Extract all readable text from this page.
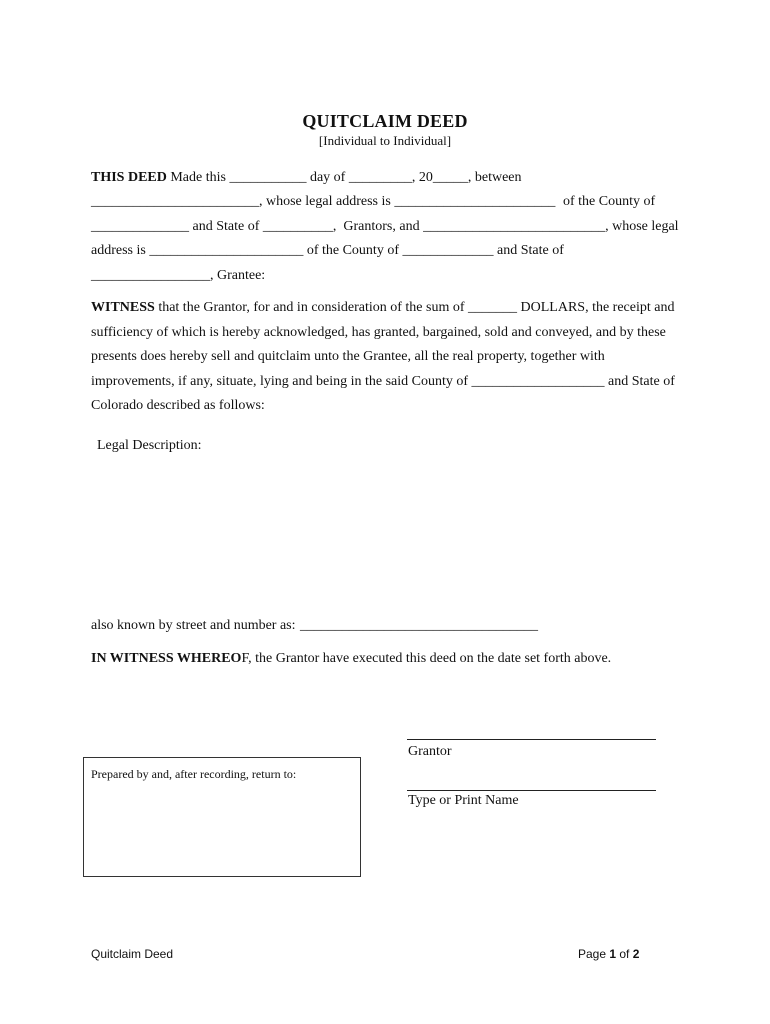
QUITCLAIM DEED
[Individual to Individual]
THIS DEED Made this ___________ day of _________, 20_____, between
________________________, whose legal address is _______________________ of the County of
______________ and State of __________,  Grantors, and __________________________, whose legal
address is ______________________ of the County of _____________ and State of
_________________, Grantee:
WITNESS that the Grantor, for and in consideration of the sum of _______ DOLLARS, the receipt and
sufficiency of which is hereby acknowledged, has granted, bargained, sold and conveyed, and by these
presents does hereby sell and quitclaim unto the Grantee, all the real property, together with
improvements, if any, situate, lying and being in the said County of ___________________ and State of
Colorado described as follows:
Legal Description:
also known by street and number as: __________________________________
IN WITNESS WHEREOF, the Grantor have executed this deed on the date set forth above.
Grantor
Type or Print Name
Prepared by and, after recording, return to:
Quitclaim Deed	Page 1 of 2
